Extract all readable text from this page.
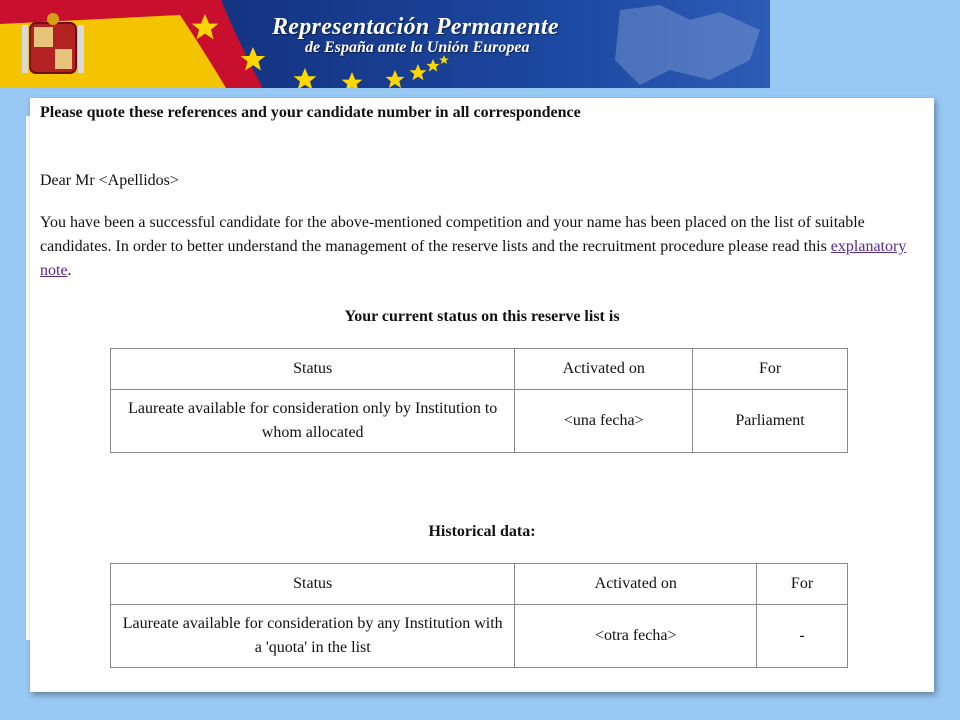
Representación Permanente
de España ante la Unión Europea
Please quote these references and your candidate number in all correspondence
Dear Mr <Apellidos>
You have been a successful candidate for the above-mentioned competition and your name has been placed on the list of suitable candidates. In order to better understand the management of the reserve lists and the recruitment procedure please read this explanatory note.
Your current status on this reserve list is
Status	Activated on	For
Laureate available for consideration only by Institution to whom allocated	<una fecha>	Parliament
Historical data:
Status	Activated on	For
Laureate available for consideration by any Institution with a 'quota' in the list	<otra fecha>	-
